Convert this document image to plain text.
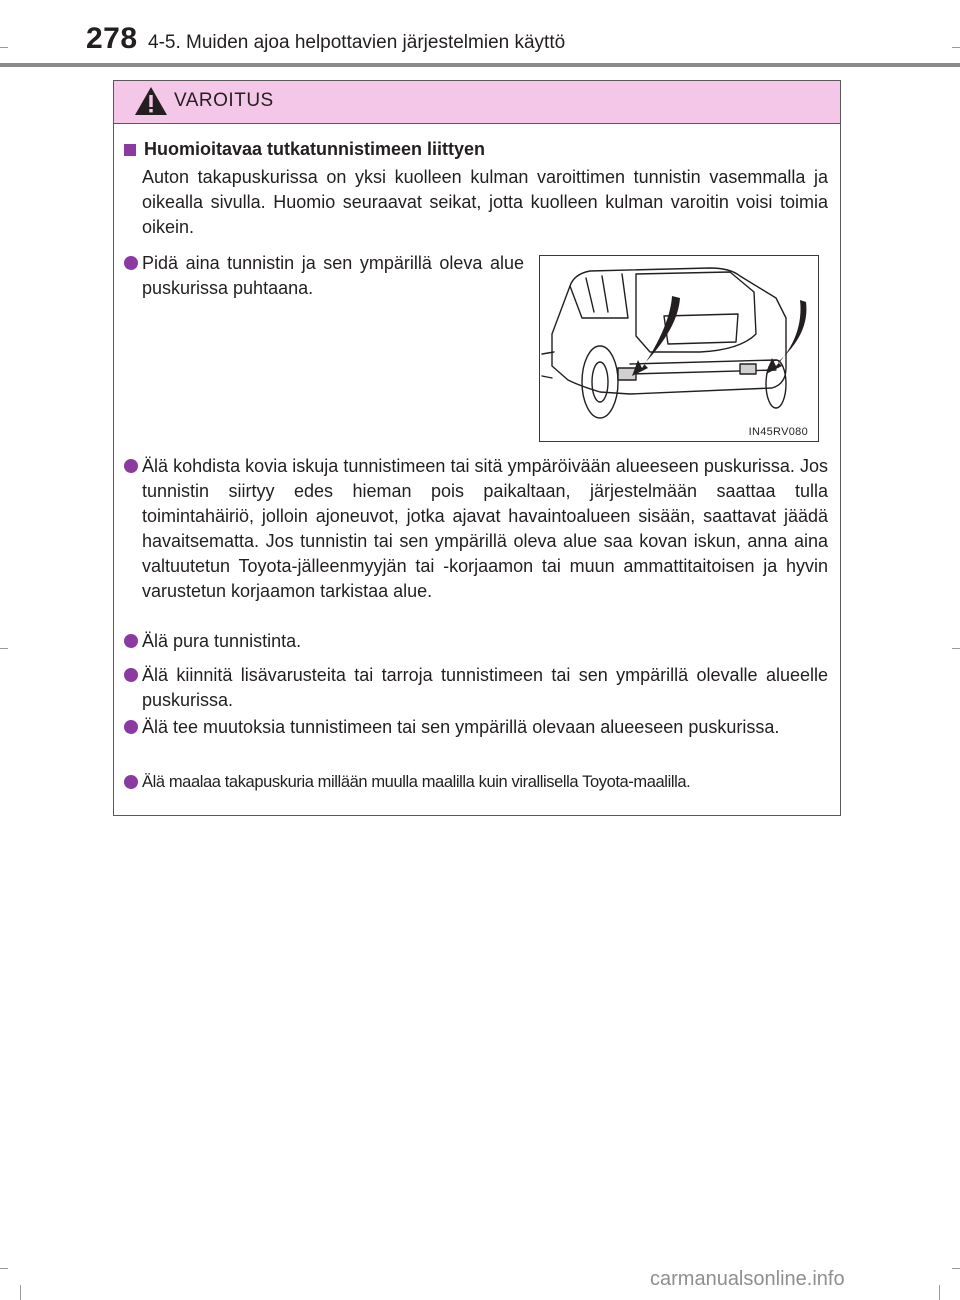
278 4-5. Muiden ajoa helpottavien järjestelmien käyttö
VAROITUS
Huomioitavaa tutkatunnistimeen liittyen
Auton takapuskurissa on yksi kuolleen kulman varoittimen tunnistin vasemmalla ja oikealla sivulla. Huomio seuraavat seikat, jotta kuolleen kulman varoitin voisi toimia oikein.
Pidä aina tunnistin ja sen ympärillä oleva alue puskurissa puhtaana.
IN45RV080
Älä kohdista kovia iskuja tunnistimeen tai sitä ympäröivään alueeseen puskurissa. Jos tunnistin siirtyy edes hieman pois paikaltaan, järjestelmään saattaa tulla toimintahäiriö, jolloin ajoneuvot, jotka ajavat havaintoalueen sisään, saattavat jäädä havaitsematta. Jos tunnistin tai sen ympärillä oleva alue saa kovan iskun, anna aina valtuutetun Toyota-jälleenmyyjän tai -korjaamon tai muun ammattitaitoisen ja hyvin varustetun korjaamon tarkistaa alue.
Älä pura tunnistinta.
Älä kiinnitä lisävarusteita tai tarroja tunnistimeen tai sen ympärillä olevalle alueelle puskurissa.
Älä tee muutoksia tunnistimeen tai sen ympärillä olevaan alueeseen puskurissa.
Älä maalaa takapuskuria millään muulla maalilla kuin virallisella Toyota-maalilla.
carmanualsonline.info
